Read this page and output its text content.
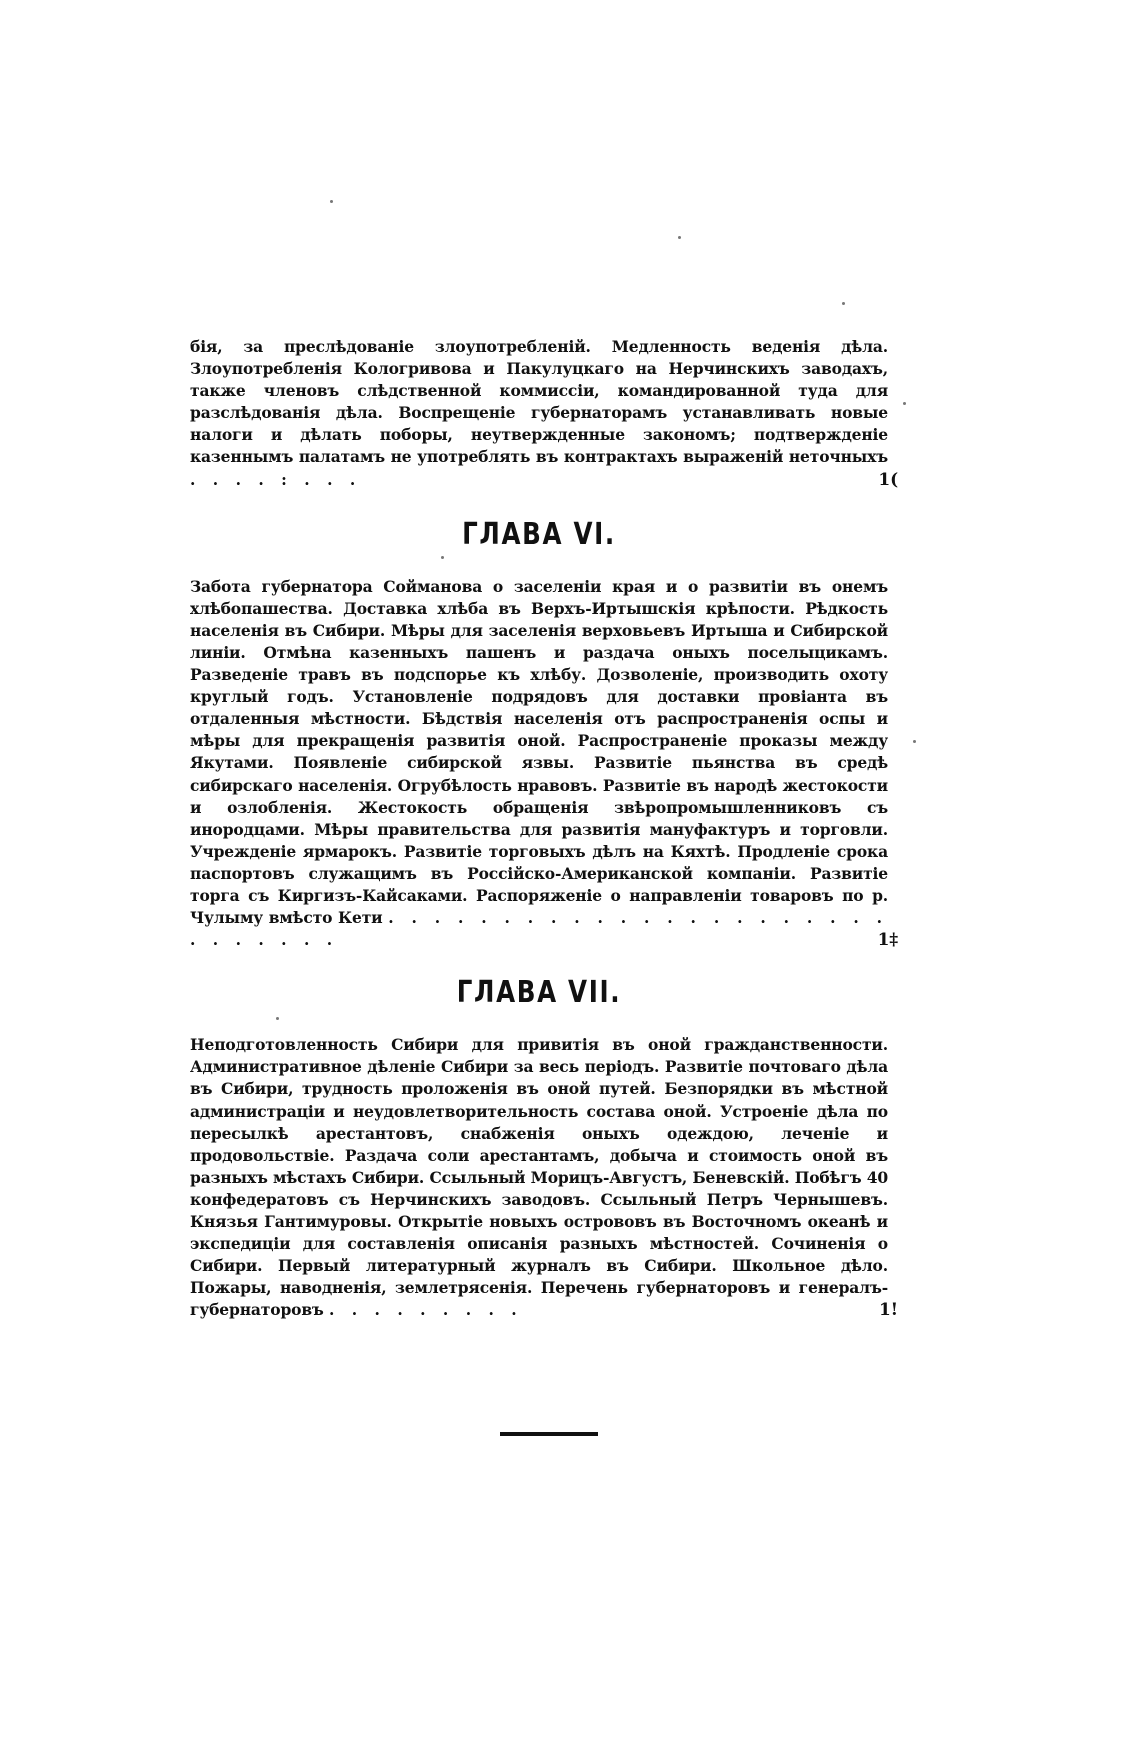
бія, за преслѣдованіе злоупотребленій. Медленность веденія дѣла. Злоупотребленія Кологривова и Пакулуцкаго на Нерчинскихъ заводахъ, также членовъ слѣдственной коммиссіи, командированной туда для разслѣдованія дѣла. Воспрещеніе губернаторамъ устанавливать новые налоги и дѣлать поборы, неутвержденные закономъ; подтвержденіе казеннымъ палатамъ не употреблять въ контрактахъ выраженій неточныхъ . . . . : . . .	1(
ГЛАВА VI.
Забота губернатора Сойманова о заселеніи края и о развитіи въ онемъ хлѣбопашества. Доставка хлѣба въ Верхъ-Иртышскія крѣпости. Рѣдкость населенія въ Сибири. Мѣры для заселенія верховьевъ Иртыша и Сибирской линіи. Отмѣна казенныхъ пашенъ и раздача оныхъ поселыцикамъ. Разведеніе травъ въ подспорье къ хлѣбу. Дозволеніе, производить охоту круглый годъ. Установленіе подрядовъ для доставки провіанта въ отдаленныя мѣстности. Бѣдствія населенія отъ распространенія оспы и мѣры для прекращенія развитія оной. Распространеніе проказы между Якутами. Появленіе сибирской язвы. Развитіе пьянства въ средѣ сибирскаго населенія. Огрубѣлость нравовъ. Развитіе въ народѣ жестокости и озлобленія. Жестокость обращенія звѣропромышленниковъ съ инородцами. Мѣры правительства для развитія мануфактуръ и торговли. Учрежденіе ярмарокъ. Развитіе торговыхъ дѣлъ на Кяхтѣ. Продленіе срока паспортовъ служащимъ въ Россійско-Американской компаніи. Развитіе торга съ Киргизъ-Кайсаками. Распоряженіе о направленіи товаровъ по р. Чулыму вмѣсто Кети . . . . . . . . . . . . . . . . . . . . . . . . . . . . .	1‡
ГЛАВА VII.
Неподготовленность Сибири для привитія въ оной гражданственности. Административное дѣленіе Сибири за весь періодъ. Развитіе почтоваго дѣла въ Сибири, трудность проложенія въ оной путей. Безпорядки въ мѣстной администраціи и неудовлетворительность состава оной. Устроеніе дѣла по пересылкѣ арестантовъ, снабженія оныхъ одеждою, леченіе и продовольствіе. Раздача соли арестантамъ, добыча и стоимость оной въ разныхъ мѣстахъ Сибири. Ссыльный Морицъ-Августъ, Беневскій. Побѣгъ 40 конфедератовъ съ Нерчинскихъ заводовъ. Ссыльный Петръ Чернышевъ. Князья Гантимуровы. Открытіе новыхъ острововъ въ Восточномъ океанѣ и экспедиціи для составленія описанія разныхъ мѣстностей. Сочиненія о Сибири. Первый литературный журналъ въ Сибири. Школьное дѣло. Пожары, наводненія, землетрясенія. Перечень губернаторовъ и генералъ-губернаторовъ . . . . . . . . .	1!
